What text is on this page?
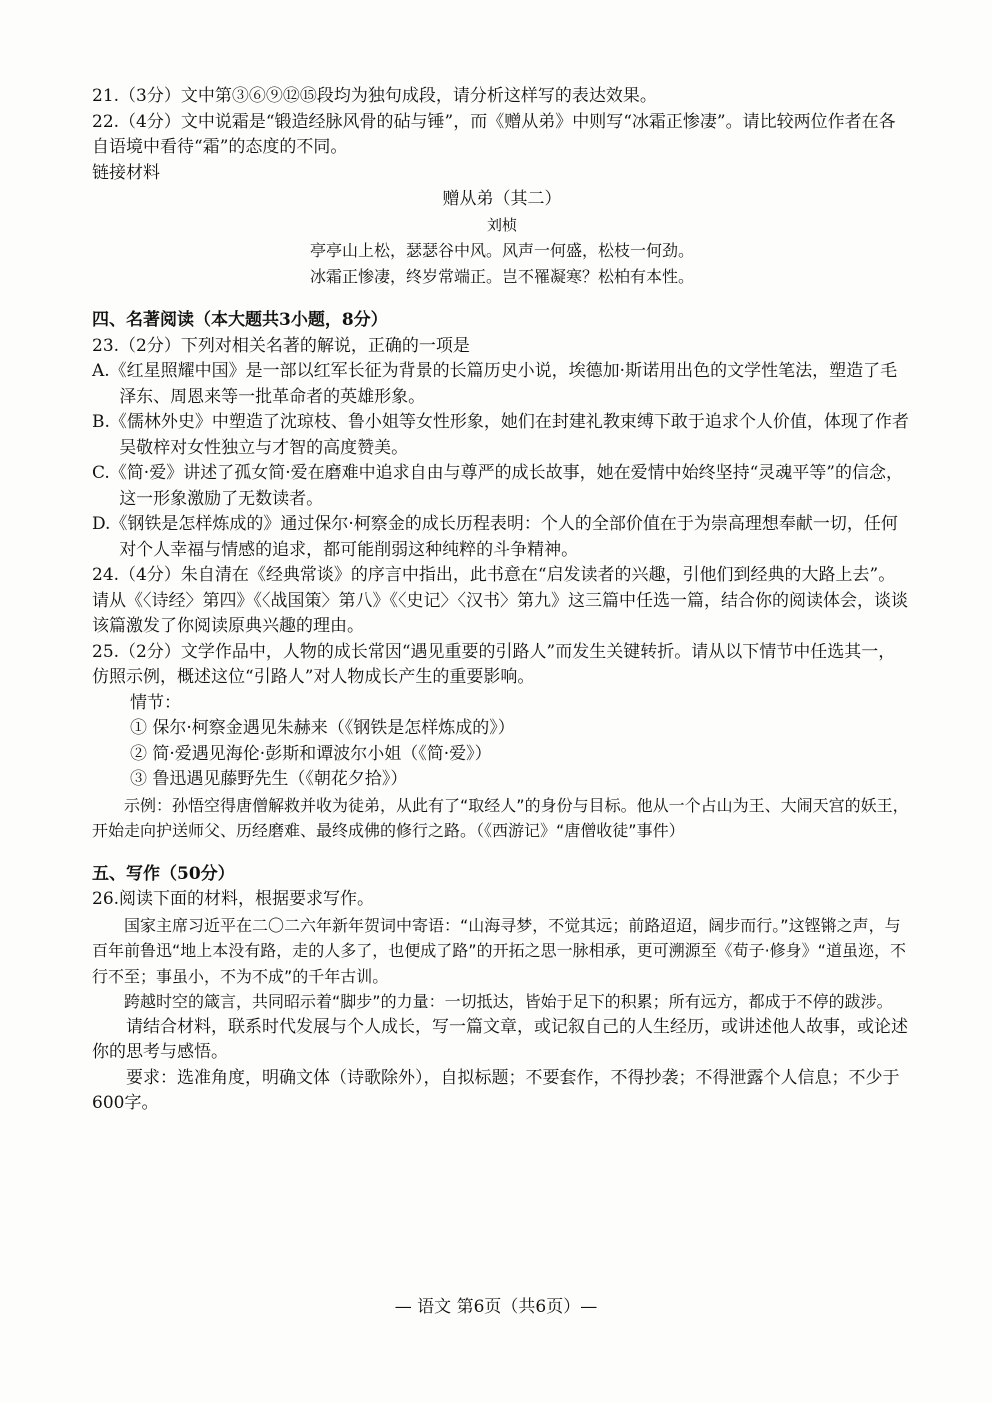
21.（3分）文中第③⑥⑨⑫⑮段均为独句成段，请分析这样写的表达效果。

22.（4分）文中说霜是“锻造经脉风骨的砧与锤”，而《赠从弟》中则写“冰霜正惨凄”。请比较两位作者在各自语境中看待“霜”的态度的不同。

链接材料

赠从弟（其二）

刘桢

亭亭山上松，瑟瑟谷中风。风声一何盛，松枝一何劲。

冰霜正惨凄，终岁常端正。岂不罹凝寒？松柏有本性。

四、名著阅读（本大题共3小题，8分）

23.（2分）下列对相关名著的解说，正确的一项是

A.《红星照耀中国》是一部以红军长征为背景的长篇历史小说，埃德加·斯诺用出色的文学性笔法，塑造了毛泽东、周恩来等一批革命者的英雄形象。

B.《儒林外史》中塑造了沈琼枝、鲁小姐等女性形象，她们在封建礼教束缚下敢于追求个人价值，体现了作者吴敬梓对女性独立与才智的高度赞美。

C.《简·爱》讲述了孤女简·爱在磨难中追求自由与尊严的成长故事，她在爱情中始终坚持“灵魂平等”的信念，这一形象激励了无数读者。

D.《钢铁是怎样炼成的》通过保尔·柯察金的成长历程表明：个人的全部价值在于为崇高理想奉献一切，任何对个人幸福与情感的追求，都可能削弱这种纯粹的斗争精神。

24.（4分）朱自清在《经典常谈》的序言中指出，此书意在“启发读者的兴趣，引他们到经典的大路上去”。请从《〈诗经〉第四》《〈战国策〉第八》《〈史记〉〈汉书〉第九》这三篇中任选一篇，结合你的阅读体会，谈谈该篇激发了你阅读原典兴趣的理由。

25.（2分）文学作品中，人物的成长常因“遇见重要的引路人”而发生关键转折。请从以下情节中任选其一，仿照示例，概述这位“引路人”对人物成长产生的重要影响。

情节：

① 保尔·柯察金遇见朱赫来（《钢铁是怎样炼成的》）

② 简·爱遇见海伦·彭斯和谭波尔小姐（《简·爱》）

③ 鲁迅遇见藤野先生（《朝花夕拾》）

示例：孙悟空得唐僧解救并收为徒弟，从此有了“取经人”的身份与目标。他从一个占山为王、大闹天宫的妖王，开始走向护送师父、历经磨难、最终成佛的修行之路。（《西游记》“唐僧收徒”事件）

五、写作（50分）

26.阅读下面的材料，根据要求写作。

国家主席习近平在二〇二六年新年贺词中寄语：“山海寻梦，不觉其远；前路迢迢，阔步而行。”这铿锵之声，与百年前鲁迅“地上本没有路，走的人多了，也便成了路”的开拓之思一脉相承，更可溯源至《荀子·修身》“道虽迩，不行不至；事虽小，不为不成”的千年古训。

跨越时空的箴言，共同昭示着“脚步”的力量：一切抵达，皆始于足下的积累；所有远方，都成于不停的跋涉。

请结合材料，联系时代发展与个人成长，写一篇文章，或记叙自己的人生经历，或讲述他人故事，或论述你的思考与感悟。

要求：选准角度，明确文体（诗歌除外），自拟标题；不要套作，不得抄袭；不得泄露个人信息；不少于600字。

— 语文 第6页（共6页）—
